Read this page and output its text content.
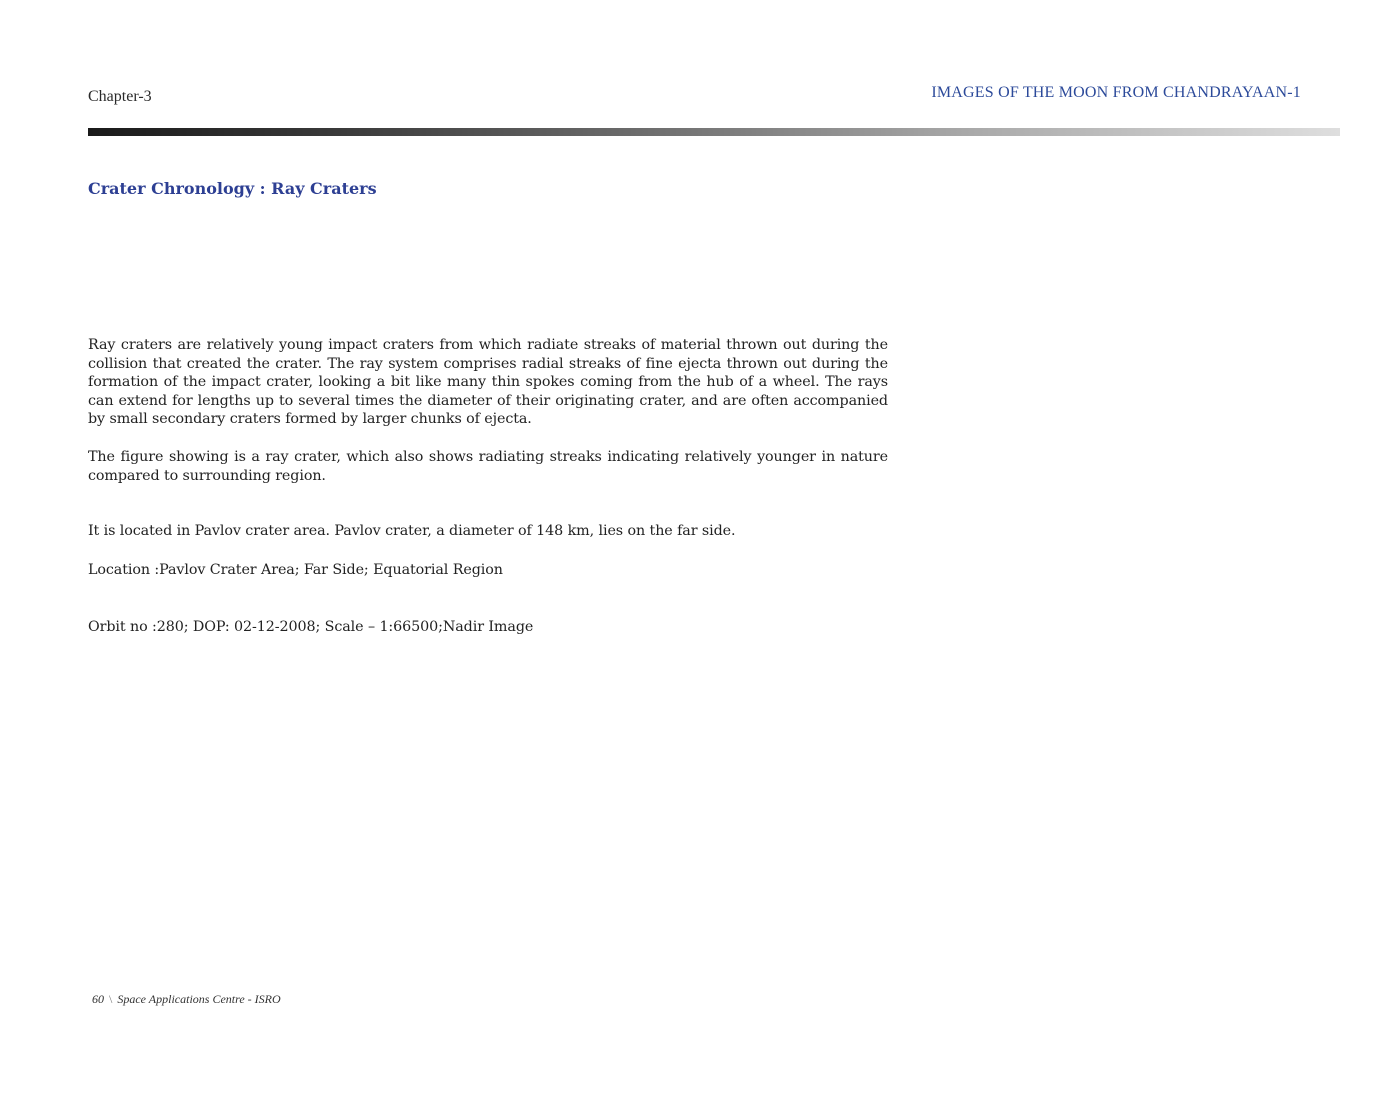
Chapter-3	IMAGES OF THE MOON FROM CHANDRAYAAN-1
Crater Chronology : Ray Craters

Ray craters are relatively young impact craters from which radiate streaks of material thrown out during the collision that created the crater. The ray system comprises radial streaks of fine ejecta thrown out during the formation of the impact crater, looking a bit like many thin spokes coming from the hub of a wheel. The rays can extend for lengths up to several times the diameter of their originating crater, and are often accompanied by small secondary craters formed by larger chunks of ejecta.

The figure showing is a ray crater, which also shows radiating streaks indicating relatively younger in nature compared to surrounding region.

It is located in Pavlov crater area. Pavlov crater, a diameter of 148 km, lies on the far side.

Location :Pavlov Crater Area; Far Side; Equatorial Region

Orbit no :280; DOP: 02-12-2008; Scale – 1:66500;Nadir Image

60 \ Space Applications Centre - ISRO
